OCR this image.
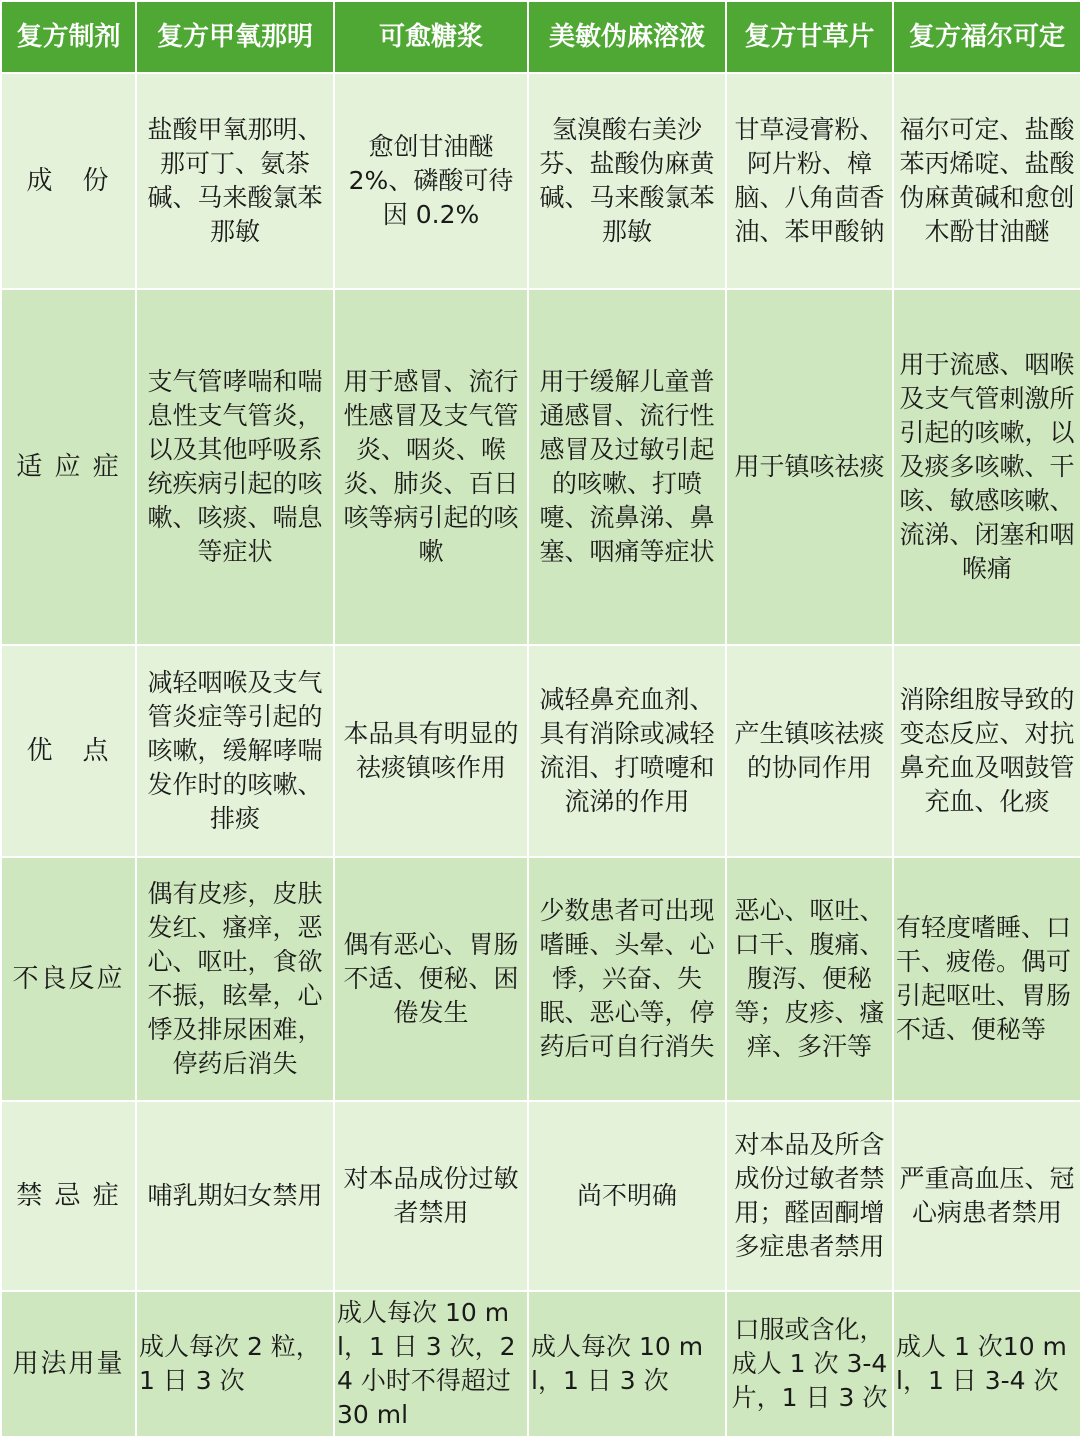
复方制剂	复方甲氧那明	可愈糖浆	美敏伪麻溶液	复方甘草片	复方福尔可定
成　份	盐酸甲氧那明、那可丁、氨茶碱、马来酸氯苯那敏	愈创甘油醚 2%、磷酸可待因 0.2%	氢溴酸右美沙芬、盐酸伪麻黄碱、马来酸氯苯那敏	甘草浸膏粉、阿片粉、樟脑、八角茴香油、苯甲酸钠	福尔可定、盐酸苯丙烯啶、盐酸伪麻黄碱和愈创木酚甘油醚
适 应 症	支气管哮喘和喘息性支气管炎，以及其他呼吸系统疾病引起的咳嗽、咳痰、喘息等症状	用于感冒、流行性感冒及支气管炎、咽炎、喉炎、肺炎、百日咳等病引起的咳嗽	用于缓解儿童普通感冒、流行性感冒及过敏引起的咳嗽、打喷嚏、流鼻涕、鼻塞、咽痛等症状	用于镇咳祛痰	用于流感、咽喉及支气管刺激所引起的咳嗽，以及痰多咳嗽、干咳、敏感咳嗽、流涕、闭塞和咽喉痛
优　点	减轻咽喉及支气管炎症等引起的咳嗽，缓解哮喘发作时的咳嗽、排痰	本品具有明显的祛痰镇咳作用	减轻鼻充血剂、具有消除或减轻流泪、打喷嚏和流涕的作用	产生镇咳祛痰的协同作用	消除组胺导致的变态反应、对抗鼻充血及咽鼓管充血、化痰
不良反应	偶有皮疹，皮肤发红、瘙痒，恶心、呕吐，食欲不振，眩晕，心悸及排尿困难，停药后消失	偶有恶心、胃肠不适、便秘、困倦发生	少数患者可出现嗜睡、头晕、心悸，兴奋、失眠、恶心等，停药后可自行消失	恶心、呕吐、口干、腹痛、腹泻、便秘等；皮疹、瘙痒、多汗等	有轻度嗜睡、口干、疲倦。偶可引起呕吐、胃肠不适、便秘等
禁 忌 症	哺乳期妇女禁用	对本品成份过敏者禁用	尚不明确	对本品及所含成份过敏者禁用；醛固酮增多症患者禁用	严重高血压、冠心病患者禁用
用法用量	成人每次 2 粒，1 日 3 次	成人每次 10 ml，1 日 3 次，24 小时不得超过 30 ml	成人每次 10 ml，1 日 3 次	口服或含化，成人 1 次 3-4 片，1 日 3 次	成人 1 次10 ml，1 日 3-4 次
